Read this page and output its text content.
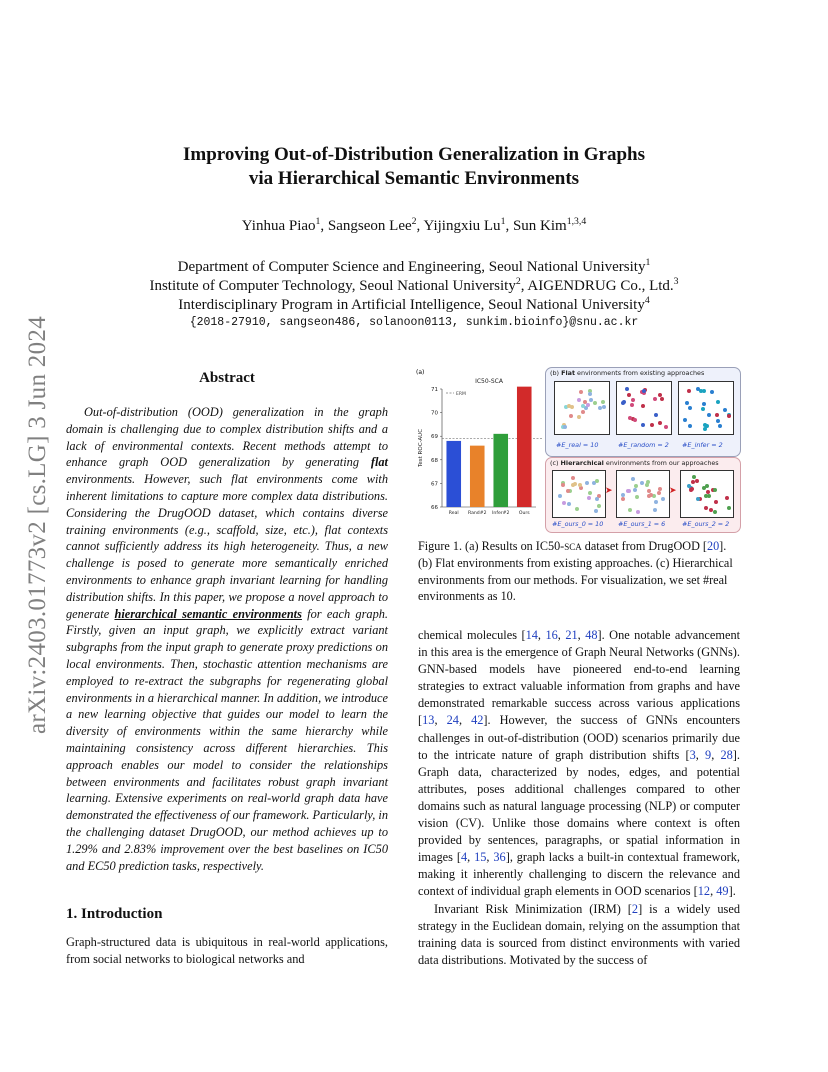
arXiv:2403.01773v2 [cs.LG] 3 Jun 2024
Improving Out-of-Distribution Generalization in Graphs
via Hierarchical Semantic Environments
Yinhua Piao$^1$, Sangseon Lee$^2$, Yijingxiu Lu$^1$, Sun Kim$^{1,3,4}$
Department of Computer Science and Engineering, Seoul National University$^1$
Institute of Computer Technology, Seoul National University$^2$, AIGENDRUG Co., Ltd.$^3$
Interdisciplinary Program in Artificial Intelligence, Seoul National University$^4$
{2018-27910, sangseon486, solanoon0113, sunkim.bioinfo}@snu.ac.kr
Abstract
Out-of-distribution (OOD) generalization in the graph domain is challenging due to complex distribution shifts and a lack of environmental contexts. Recent methods attempt to enhance graph OOD generalization by generating flat environments. However, such flat environments come with inherent limitations to capture more complex data distributions. Considering the DrugOOD dataset, which contains diverse training environments (e.g., scaffold, size, etc.), flat contexts cannot sufficiently address its high heterogeneity. Thus, a new challenge is posed to generate more semantically enriched environments to enhance graph invariant learning for handling distribution shifts. In this paper, we propose a novel approach to generate hierarchical semantic environments for each graph. Firstly, given an input graph, we explicitly extract variant subgraphs from the input graph to generate proxy predictions on local environments. Then, stochastic attention mechanisms are employed to re-extract the subgraphs for regenerating global environments in a hierarchical manner. In addition, we introduce a new learning objective that guides our model to learn the diversity of environments within the same hierarchy while maintaining consistency across different hierarchies. This approach enables our model to consider the relationships between environments and facilitates robust graph invariant learning. Extensive experiments on real-world graph data have demonstrated the effectiveness of our framework. Particularly, in the challenging dataset DrugOOD, our method achieves up to 1.29% and 2.83% improvement over the best baselines on IC50 and EC50 prediction tasks, respectively.
1. Introduction
Graph-structured data is ubiquitous in real-world applications, from social networks to biological networks and
(a)
IC50-SCA
Test ROC-AUC
66
67
68
69
70
71
ERM
Real Rand#2 Infer#2 Ours
(b) Flat environments from existing approaches
#E_real = 10	#E_random = 2 #E_infer = 2
(c) Hierarchical environments from our approaches
➤	➤
#E_ours_0 = 10 #E_ours_1 = 6	#E_ours_2 = 2
Figure 1. (a) Results on IC50-sca dataset from DrugOOD [20]. (b) Flat environments from existing approaches. (c) Hierarchical environments from our methods. For visualization, we set #real environments as 10.

chemical molecules [14, 16, 21, 48]. One notable advancement in this area is the emergence of Graph Neural Networks (GNNs). GNN-based models have pioneered end-to-end learning strategies to extract valuable information from graphs and have demonstrated remarkable success across various applications [13, 24, 42]. However, the success of GNNs encounters challenges in out-of-distribution (OOD) scenarios primarily due to the intricate nature of graph distribution shifts [3, 9, 28]. Graph data, characterized by nodes, edges, and potential attributes, poses additional challenges compared to other domains such as natural language processing (NLP) or computer vision (CV). Unlike those domains where context is often provided by sentences, paragraphs, or spatial information in images [4, 15, 36], graph lacks a built-in contextual framework, making it inherently challenging to discern the relevance and context of individual graph elements in OOD scenarios [12, 49].

Invariant Risk Minimization (IRM) [2] is a widely used strategy in the Euclidean domain, relying on the assumption that training data is sourced from distinct environments with varied data distributions. Motivated by the success of
